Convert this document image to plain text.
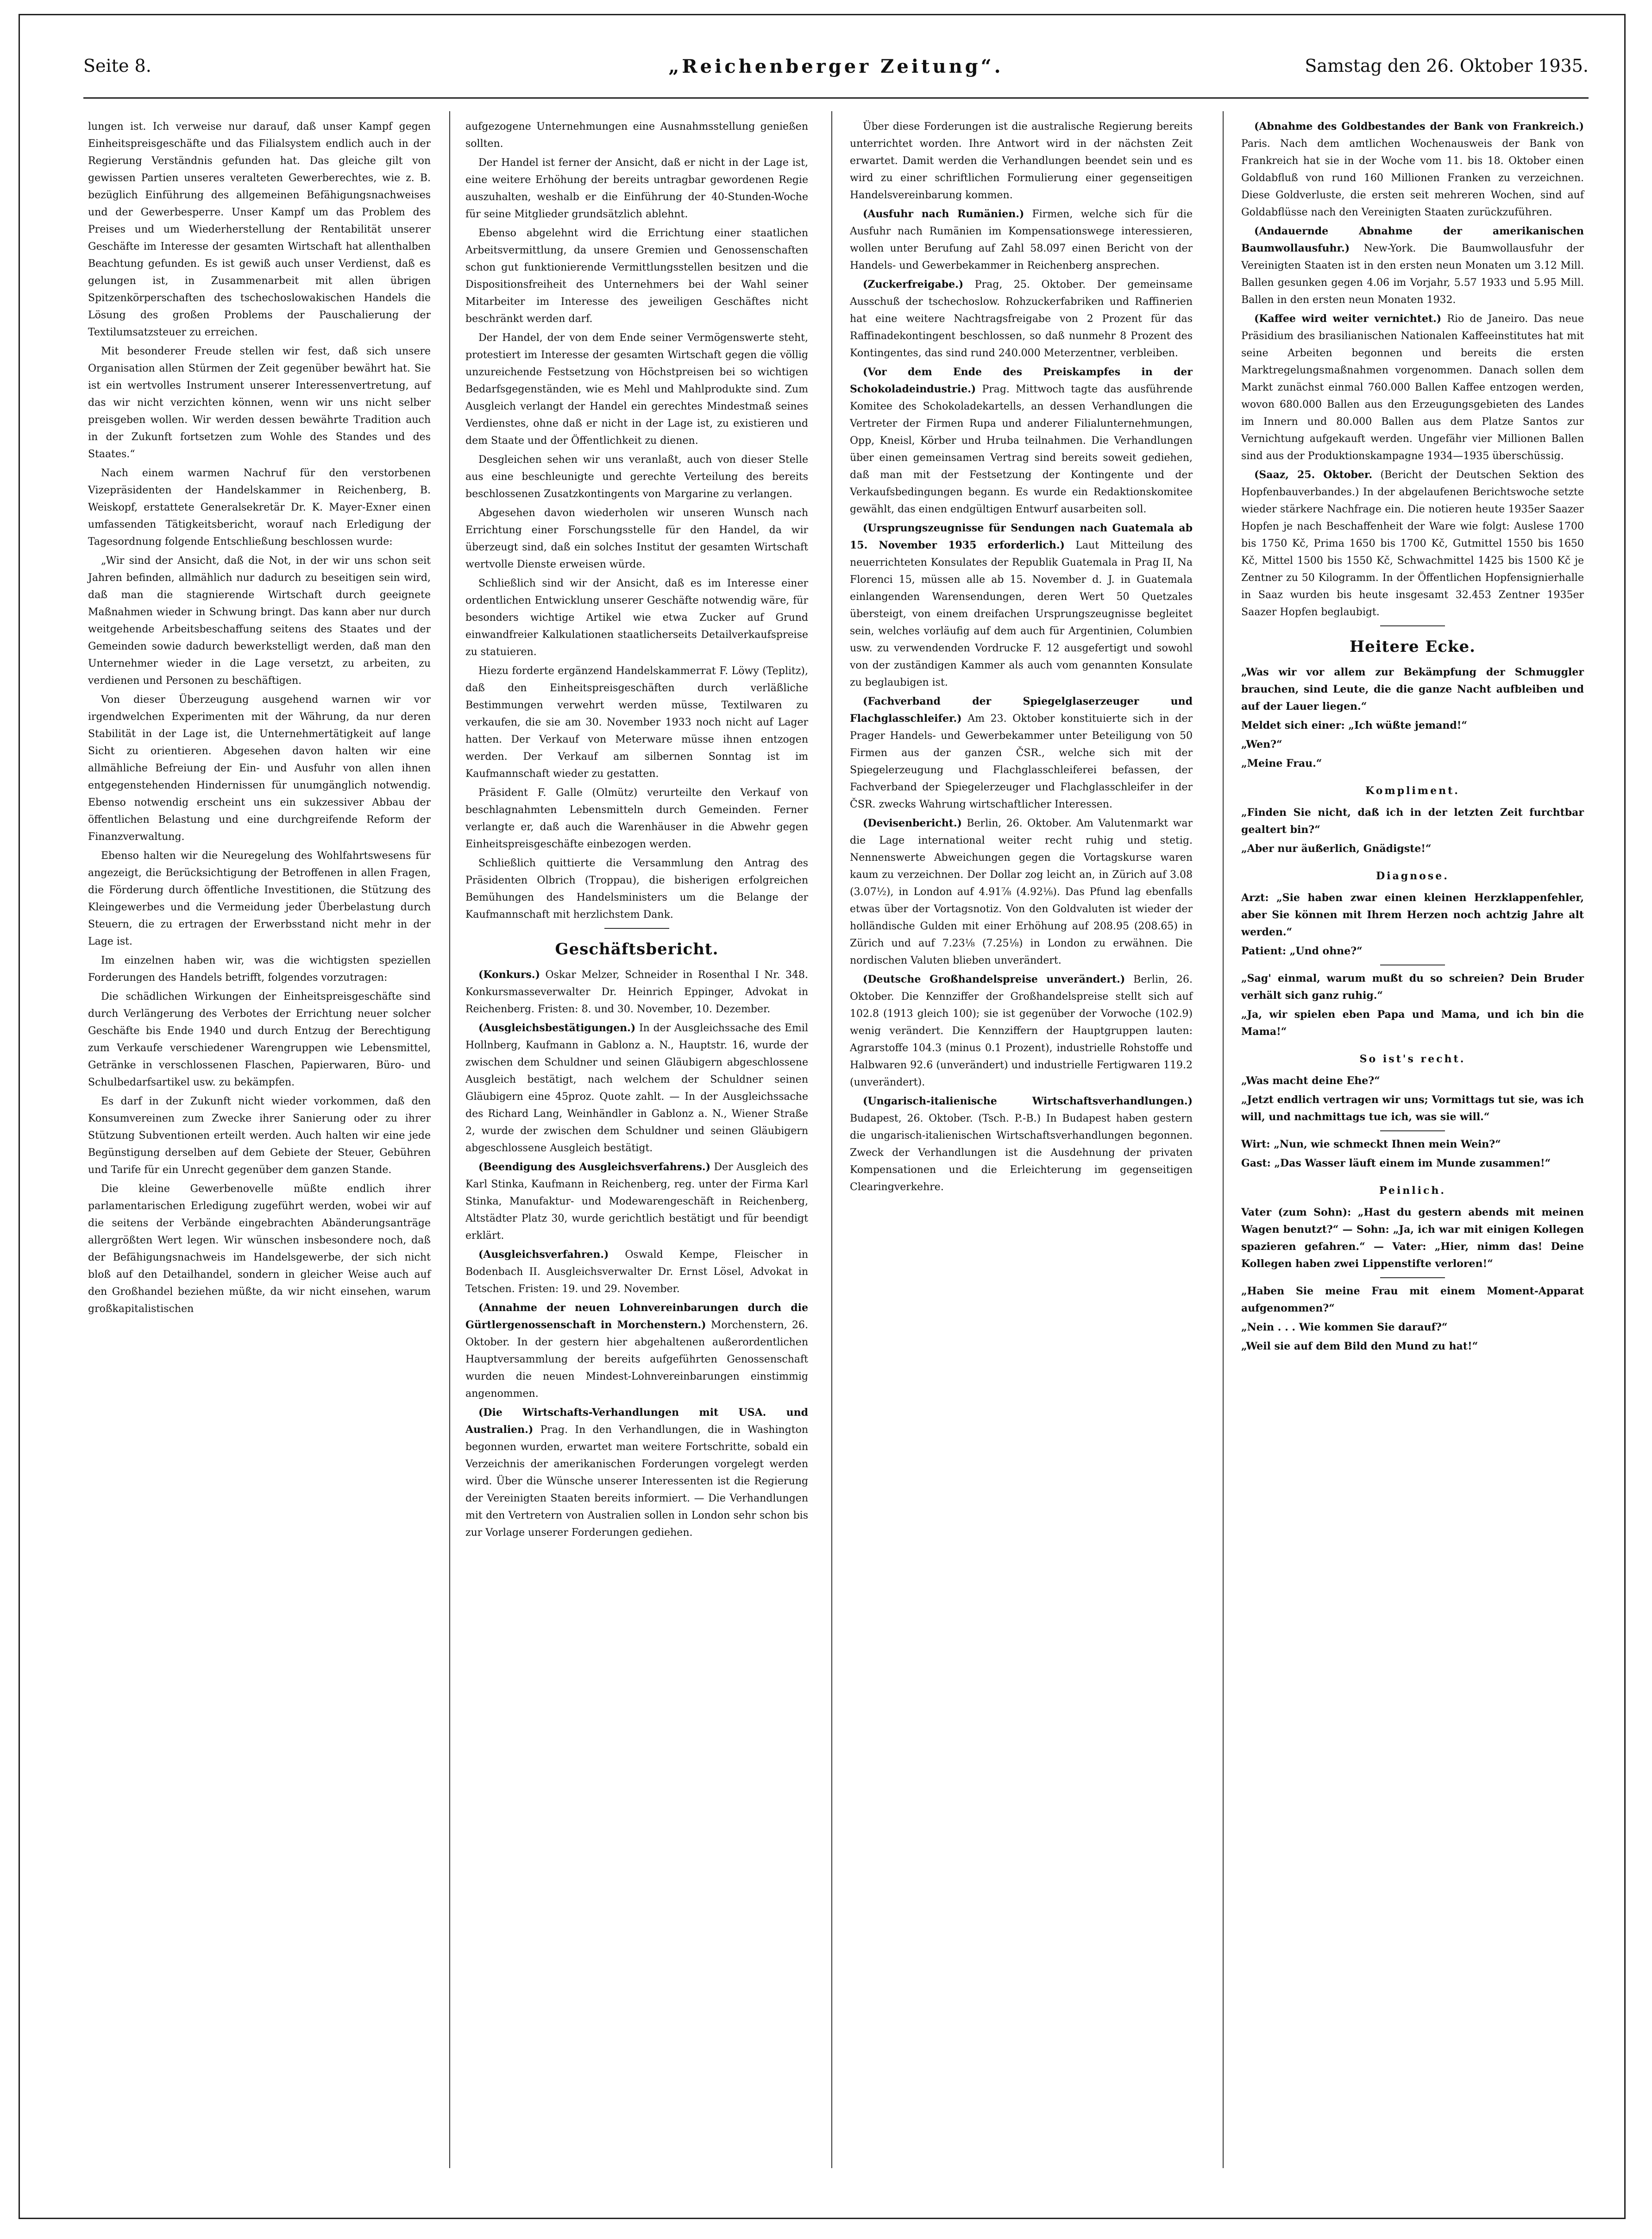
Seite 8.	„Reichenberger Zeitung“.	Samstag den 26. Oktober 1935.

lungen ist. Ich verweise nur darauf, daß unser Kampf gegen Einheitspreisgeschäfte und das Filialsystem endlich auch in der Regierung Verständnis gefunden hat. Das gleiche gilt von gewissen Partien unseres veralteten Gewerberechtes, wie z. B. bezüglich Einführung des allgemeinen Befähigungsnachweises und der Gewerbesperre. Unser Kampf um das Problem des Preises und um Wiederherstellung der Rentabilität unserer Geschäfte im Interesse der gesamten Wirtschaft hat allenthalben Beachtung gefunden. Es ist gewiß auch unser Verdienst, daß es gelungen ist, in Zusammenarbeit mit allen übrigen Spitzenkörperschaften des tschechoslowakischen Handels die Lösung des großen Problems der Pauschalierung der Textilumsatzsteuer zu erreichen.

Mit besonderer Freude stellen wir fest, daß sich unsere Organisation allen Stürmen der Zeit gegenüber bewährt hat. Sie ist ein wertvolles Instrument unserer Interessenvertretung, auf das wir nicht verzichten können, wenn wir uns nicht selber preisgeben wollen. Wir werden dessen bewährte Tradition auch in der Zukunft fortsetzen zum Wohle des Standes und des Staates.“

Nach einem warmen Nachruf für den verstorbenen Vizepräsidenten der Handelskammer in Reichenberg, B. Weiskopf, erstattete Generalsekretär Dr. K. Mayer-Exner einen umfassenden Tätigkeitsbericht, worauf nach Erledigung der Tagesordnung folgende Entschließung beschlossen wurde:

„Wir sind der Ansicht, daß die Not, in der wir uns schon seit Jahren befinden, allmählich nur dadurch zu beseitigen sein wird, daß man die stagnierende Wirtschaft durch geeignete Maßnahmen wieder in Schwung bringt. Das kann aber nur durch weitgehende Arbeitsbeschaffung seitens des Staates und der Gemeinden sowie dadurch bewerkstelligt werden, daß man den Unternehmer wieder in die Lage versetzt, zu arbeiten, zu verdienen und Personen zu beschäftigen.

Von dieser Überzeugung ausgehend warnen wir vor irgendwelchen Experimenten mit der Währung, da nur deren Stabilität in der Lage ist, die Unternehmertätigkeit auf lange Sicht zu orientieren. Abgesehen davon halten wir eine allmähliche Befreiung der Ein- und Ausfuhr von allen ihnen entgegenstehenden Hindernissen für unumgänglich notwendig. Ebenso notwendig erscheint uns ein sukzessiver Abbau der öffentlichen Belastung und eine durchgreifende Reform der Finanzverwaltung.

Ebenso halten wir die Neuregelung des Wohlfahrtswesens für angezeigt, die Berücksichtigung der Betroffenen in allen Fragen, die Förderung durch öffentliche Investitionen, die Stützung des Kleingewerbes und die Vermeidung jeder Überbelastung durch Steuern, die zu ertragen der Erwerbsstand nicht mehr in der Lage ist.

Im einzelnen haben wir, was die wichtigsten speziellen Forderungen des Handels betrifft, folgendes vorzutragen:

Die schädlichen Wirkungen der Einheitspreisgeschäfte sind durch Verlängerung des Verbotes der Errichtung neuer solcher Geschäfte bis Ende 1940 und durch Entzug der Berechtigung zum Verkaufe verschiedener Warengruppen wie Lebensmittel, Getränke in verschlossenen Flaschen, Papierwaren, Büro- und Schulbedarfsartikel usw. zu bekämpfen.

Es darf in der Zukunft nicht wieder vorkommen, daß den Konsumvereinen zum Zwecke ihrer Sanierung oder zu ihrer Stützung Subventionen erteilt werden. Auch halten wir eine jede Begünstigung derselben auf dem Gebiete der Steuer, Gebühren und Tarife für ein Unrecht gegenüber dem ganzen Stande.

Die kleine Gewerbenovelle müßte endlich ihrer parlamentarischen Erledigung zugeführt werden, wobei wir auf die seitens der Verbände eingebrachten Abänderungsanträge allergrößten Wert legen. Wir wünschen insbesondere noch, daß der Befähigungsnachweis im Handelsgewerbe, der sich nicht bloß auf den Detailhandel, sondern in gleicher Weise auch auf den Großhandel beziehen müßte, da wir nicht einsehen, warum großkapitalistischen

aufgezogene Unternehmungen eine Ausnahmsstellung genießen sollten.

Der Handel ist ferner der Ansicht, daß er nicht in der Lage ist, eine weitere Erhöhung der bereits untragbar gewordenen Regie auszuhalten, weshalb er die Einführung der 40-Stunden-Woche für seine Mitglieder grundsätzlich ablehnt.

Ebenso abgelehnt wird die Errichtung einer staatlichen Arbeitsvermittlung, da unsere Gremien und Genossenschaften schon gut funktionierende Vermittlungsstellen besitzen und die Dispositionsfreiheit des Unternehmers bei der Wahl seiner Mitarbeiter im Interesse des jeweiligen Geschäftes nicht beschränkt werden darf.

Der Handel, der von dem Ende seiner Vermögenswerte steht, protestiert im Interesse der gesamten Wirtschaft gegen die völlig unzureichende Festsetzung von Höchstpreisen bei so wichtigen Bedarfsgegenständen, wie es Mehl und Mahlprodukte sind. Zum Ausgleich verlangt der Handel ein gerechtes Mindestmaß seines Verdienstes, ohne daß er nicht in der Lage ist, zu existieren und dem Staate und der Öffentlichkeit zu dienen.

Desgleichen sehen wir uns veranlaßt, auch von dieser Stelle aus eine beschleunigte und gerechte Verteilung des bereits beschlossenen Zusatzkontingents von Margarine zu verlangen.

Abgesehen davon wiederholen wir unseren Wunsch nach Errichtung einer Forschungsstelle für den Handel, da wir überzeugt sind, daß ein solches Institut der gesamten Wirtschaft wertvolle Dienste erweisen würde.

Schließlich sind wir der Ansicht, daß es im Interesse einer ordentlichen Entwicklung unserer Geschäfte notwendig wäre, für besonders wichtige Artikel wie etwa Zucker auf Grund einwandfreier Kalkulationen staatlicherseits Detailverkaufspreise zu statuieren.

Hiezu forderte ergänzend Handelskammerrat F. Löwy (Teplitz), daß den Einheitspreisgeschäften durch verläßliche Bestimmungen verwehrt werden müsse, Textilwaren zu verkaufen, die sie am 30. November 1933 noch nicht auf Lager hatten. Der Verkauf von Meterware müsse ihnen entzogen werden. Der Verkauf am silbernen Sonntag ist im Kaufmannschaft wieder zu gestatten.

Präsident F. Galle (Olmütz) verurteilte den Verkauf von beschlagnahmten Lebensmitteln durch Gemeinden. Ferner verlangte er, daß auch die Warenhäuser in die Abwehr gegen Einheitspreisgeschäfte einbezogen werden.

Schließlich quittierte die Versammlung den Antrag des Präsidenten Olbrich (Troppau), die bisherigen erfolgreichen Bemühungen des Handelsministers um die Belange der Kaufmannschaft mit herzlichstem Dank.

Geschäftsbericht.

(Konkurs.) Oskar Melzer, Schneider in Rosenthal I Nr. 348. Konkursmasseverwalter Dr. Heinrich Eppinger, Advokat in Reichenberg. Fristen: 8. und 30. November, 10. Dezember.

(Ausgleichsbestätigungen.) In der Ausgleichssache des Emil Hollnberg, Kaufmann in Gablonz a. N., Hauptstr. 16, wurde der zwischen dem Schuldner und seinen Gläubigern abgeschlossene Ausgleich bestätigt, nach welchem der Schuldner seinen Gläubigern eine 45proz. Quote zahlt. — In der Ausgleichssache des Richard Lang, Weinhändler in Gablonz a. N., Wiener Straße 2, wurde der zwischen dem Schuldner und seinen Gläubigern abgeschlossene Ausgleich bestätigt.

(Beendigung des Ausgleichsverfahrens.) Der Ausgleich des Karl Stinka, Kaufmann in Reichenberg, reg. unter der Firma Karl Stinka, Manufaktur- und Modewarengeschäft in Reichenberg, Altstädter Platz 30, wurde gerichtlich bestätigt und für beendigt erklärt.

(Ausgleichsverfahren.) Oswald Kempe, Fleischer in Bodenbach II. Ausgleichsverwalter Dr. Ernst Lösel, Advokat in Tetschen. Fristen: 19. und 29. November.

(Annahme der neuen Lohnvereinbarungen durch die Gürtlergenossenschaft in Morchenstern.) Morchenstern, 26. Oktober. In der gestern hier abgehaltenen außerordentlichen Hauptversammlung der bereits aufgeführten Genossenschaft wurden die neuen Mindest-Lohnvereinbarungen einstimmig angenommen.

(Die Wirtschafts-Verhandlungen mit USA. und Australien.) Prag. In den Verhandlungen, die in Washington begonnen wurden, erwartet man weitere Fortschritte, sobald ein Verzeichnis der amerikanischen Forderungen vorgelegt werden wird. Über die Wünsche unserer Interessenten ist die Regierung der Vereinigten Staaten bereits informiert. — Die Verhandlungen mit den Vertretern von Australien sollen in London sehr schon bis zur Vorlage unserer Forderungen gediehen.

Über diese Forderungen ist die australische Regierung bereits unterrichtet worden. Ihre Antwort wird in der nächsten Zeit erwartet. Damit werden die Verhandlungen beendet sein und es wird zu einer schriftlichen Formulierung einer gegenseitigen Handelsvereinbarung kommen.

(Ausfuhr nach Rumänien.) Firmen, welche sich für die Ausfuhr nach Rumänien im Kompensationswege interessieren, wollen unter Berufung auf Zahl 58.097 einen Bericht von der Handels- und Gewerbekammer in Reichenberg ansprechen.

(Zuckerfreigabe.) Prag, 25. Oktober. Der gemeinsame Ausschuß der tschechoslow. Rohzuckerfabriken und Raffinerien hat eine weitere Nachtragsfreigabe von 2 Prozent für das Raffinadekontingent beschlossen, so daß nunmehr 8 Prozent des Kontingentes, das sind rund 240.000 Meterzentner, verbleiben.

(Vor dem Ende des Preiskampfes in der Schokoladeindustrie.) Prag. Mittwoch tagte das ausführende Komitee des Schokoladekartells, an dessen Verhandlungen die Vertreter der Firmen Rupa und anderer Filialunternehmungen, Opp, Kneisl, Körber und Hruba teilnahmen. Die Verhandlungen über einen gemeinsamen Vertrag sind bereits soweit gediehen, daß man mit der Festsetzung der Kontingente und der Verkaufsbedingungen begann. Es wurde ein Redaktionskomitee gewählt, das einen endgültigen Entwurf ausarbeiten soll.

(Ursprungszeugnisse für Sendungen nach Guatemala ab 15. November 1935 erforderlich.) Laut Mitteilung des neuerrichteten Konsulates der Republik Guatemala in Prag II, Na Florenci 15, müssen alle ab 15. November d. J. in Guatemala einlangenden Warensendungen, deren Wert 50 Quetzales übersteigt, von einem dreifachen Ursprungszeugnisse begleitet sein, welches vorläufig auf dem auch für Argentinien, Columbien usw. zu verwendenden Vordrucke F. 12 ausgefertigt und sowohl von der zuständigen Kammer als auch vom genannten Konsulate zu beglaubigen ist.

(Fachverband der Spiegelglaserzeuger und Flachglasschleifer.) Am 23. Oktober konstituierte sich in der Prager Handels- und Gewerbekammer unter Beteiligung von 50 Firmen aus der ganzen ČSR., welche sich mit der Spiegelerzeugung und Flachglasschleiferei befassen, der Fachverband der Spiegelerzeuger und Flachglasschleifer in der ČSR. zwecks Wahrung wirtschaftlicher Interessen.

(Devisenbericht.) Berlin, 26. Oktober. Am Valutenmarkt war die Lage international weiter recht ruhig und stetig. Nennenswerte Abweichungen gegen die Vortagskurse waren kaum zu verzeichnen. Der Dollar zog leicht an, in Zürich auf 3.08 (3.07½), in London auf 4.91⅞ (4.92⅛). Das Pfund lag ebenfalls etwas über der Vortagsnotiz. Von den Goldvaluten ist wieder der holländische Gulden mit einer Erhöhung auf 208.95 (208.65) in Zürich und auf 7.23⅛ (7.25⅛) in London zu erwähnen. Die nordischen Valuten blieben unverändert.

(Deutsche Großhandelspreise unverändert.) Berlin, 26. Oktober. Die Kennziffer der Großhandelspreise stellt sich auf 102.8 (1913 gleich 100); sie ist gegenüber der Vorwoche (102.9) wenig verändert. Die Kennziffern der Hauptgruppen lauten: Agrarstoffe 104.3 (minus 0.1 Prozent), industrielle Rohstoffe und Halbwaren 92.6 (unverändert) und industrielle Fertigwaren 119.2 (unverändert).

(Ungarisch-italienische Wirtschaftsverhandlungen.) Budapest, 26. Oktober. (Tsch. P.-B.) In Budapest haben gestern die ungarisch-italienischen Wirtschaftsverhandlungen begonnen. Zweck der Verhandlungen ist die Ausdehnung der privaten Kompensationen und die Erleichterung im gegenseitigen Clearingverkehre.

(Abnahme des Goldbestandes der Bank von Frankreich.) Paris. Nach dem amtlichen Wochenausweis der Bank von Frankreich hat sie in der Woche vom 11. bis 18. Oktober einen Goldabfluß von rund 160 Millionen Franken zu verzeichnen. Diese Goldverluste, die ersten seit mehreren Wochen, sind auf Goldabflüsse nach den Vereinigten Staaten zurückzuführen.

(Andauernde Abnahme der amerikanischen Baumwollausfuhr.) New-York. Die Baumwollausfuhr der Vereinigten Staaten ist in den ersten neun Monaten um 3.12 Mill. Ballen gesunken gegen 4.06 im Vorjahr, 5.57 1933 und 5.95 Mill. Ballen in den ersten neun Monaten 1932.

(Kaffee wird weiter vernichtet.) Rio de Janeiro. Das neue Präsidium des brasilianischen Nationalen Kaffeeinstitutes hat mit seine Arbeiten begonnen und bereits die ersten Marktregelungsmaßnahmen vorgenommen. Danach sollen dem Markt zunächst einmal 760.000 Ballen Kaffee entzogen werden, wovon 680.000 Ballen aus den Erzeugungsgebieten des Landes im Innern und 80.000 Ballen aus dem Platze Santos zur Vernichtung aufgekauft werden. Ungefähr vier Millionen Ballen sind aus der Produktionskampagne 1934—1935 überschüssig.

(Saaz, 25. Oktober. (Bericht der Deutschen Sektion des Hopfenbauverbandes.) In der abgelaufenen Berichtswoche setzte wieder stärkere Nachfrage ein. Die notieren heute 1935er Saazer Hopfen je nach Beschaffenheit der Ware wie folgt: Auslese 1700 bis 1750 Kč, Prima 1650 bis 1700 Kč, Gutmittel 1550 bis 1650 Kč, Mittel 1500 bis 1550 Kč, Schwachmittel 1425 bis 1500 Kč je Zentner zu 50 Kilogramm. In der Öffentlichen Hopfensignierhalle in Saaz wurden bis heute insgesamt 32.453 Zentner 1935er Saazer Hopfen beglaubigt.

Heitere Ecke.

„Was wir vor allem zur Bekämpfung der Schmuggler brauchen, sind Leute, die die ganze Nacht aufbleiben und auf der Lauer liegen.“

Meldet sich einer: „Ich wüßte jemand!“

„Wen?“

„Meine Frau.“

Kompliment.

„Finden Sie nicht, daß ich in der letzten Zeit furchtbar gealtert bin?“

„Aber nur äußerlich, Gnädigste!“

Diagnose.

Arzt: „Sie haben zwar einen kleinen Herzklappenfehler, aber Sie können mit Ihrem Herzen noch achtzig Jahre alt werden.“

Patient: „Und ohne?“

„Sag' einmal, warum mußt du so schreien? Dein Bruder verhält sich ganz ruhig.“

„Ja, wir spielen eben Papa und Mama, und ich bin die Mama!“

So ist's recht.

„Was macht deine Ehe?“

„Jetzt endlich vertragen wir uns; Vormittags tut sie, was ich will, und nachmittags tue ich, was sie will.“

Wirt: „Nun, wie schmeckt Ihnen mein Wein?“

Gast: „Das Wasser läuft einem im Munde zusammen!“

Peinlich.

Vater (zum Sohn): „Hast du gestern abends mit meinen Wagen benutzt?“ — Sohn: „Ja, ich war mit einigen Kollegen spazieren gefahren.“ — Vater: „Hier, nimm das! Deine Kollegen haben zwei Lippenstifte verloren!“

„Haben Sie meine Frau mit einem Moment-Apparat aufgenommen?“

„Nein . . . Wie kommen Sie darauf?“

„Weil sie auf dem Bild den Mund zu hat!“
